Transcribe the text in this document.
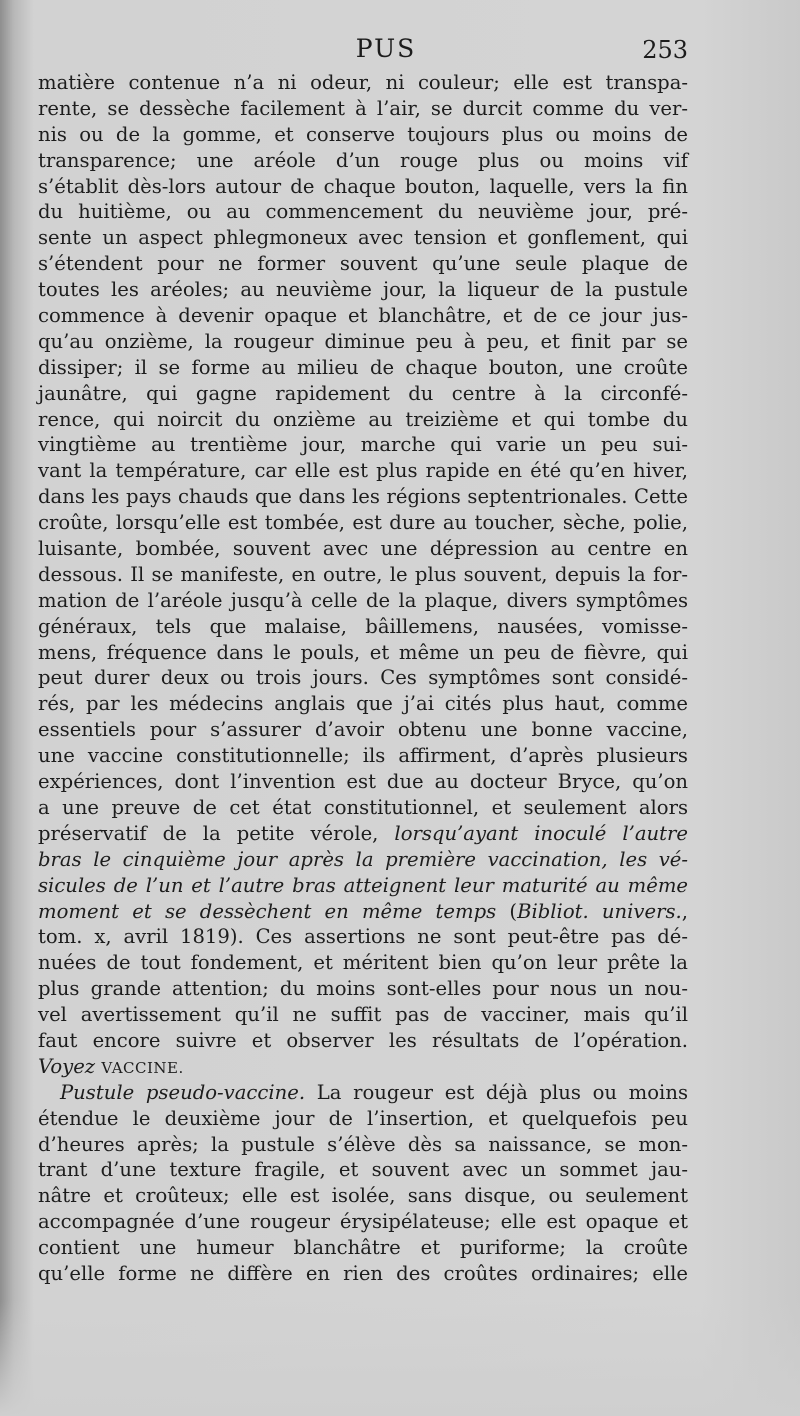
PUS	253
matière contenue n’a ni odeur, ni couleur; elle est transpa-
rente, se dessèche facilement à l’air, se durcit comme du ver-
nis ou de la gomme, et conserve toujours plus ou moins de
transparence; une aréole d’un rouge plus ou moins vif
s’établit dès-lors autour de chaque bouton, laquelle, vers la fin
du huitième, ou au commencement du neuvième jour, pré-
sente un aspect phlegmoneux avec tension et gonflement, qui
s’étendent pour ne former souvent qu’une seule plaque de
toutes les aréoles; au neuvième jour, la liqueur de la pustule
commence à devenir opaque et blanchâtre, et de ce jour jus-
qu’au onzième, la rougeur diminue peu à peu, et finit par se
dissiper; il se forme au milieu de chaque bouton, une croûte
jaunâtre, qui gagne rapidement du centre à la circonfé-
rence, qui noircit du onzième au treizième et qui tombe du
vingtième au trentième jour, marche qui varie un peu sui-
vant la température, car elle est plus rapide en été qu’en hiver,
dans les pays chauds que dans les régions septentrionales. Cette
croûte, lorsqu’elle est tombée, est dure au toucher, sèche, polie,
luisante, bombée, souvent avec une dépression au centre en
dessous. Il se manifeste, en outre, le plus souvent, depuis la for-
mation de l’aréole jusqu’à celle de la plaque, divers symptômes
généraux, tels que malaise, bâillemens, nausées, vomisse-
mens, fréquence dans le pouls, et même un peu de fièvre, qui
peut durer deux ou trois jours. Ces symptômes sont considé-
rés, par les médecins anglais que j’ai cités plus haut, comme
essentiels pour s’assurer d’avoir obtenu une bonne vaccine,
une vaccine constitutionnelle; ils affirment, d’après plusieurs
expériences, dont l’invention est due au docteur Bryce, qu’on
a une preuve de cet état constitutionnel, et seulement alors
préservatif de la petite vérole, lorsqu’ayant inoculé l’autre
bras le cinquième jour après la première vaccination, les vé-
sicules de l’un et l’autre bras atteignent leur maturité au même
moment et se dessèchent en même temps (Bibliot. univers.,
tom. x, avril 1819). Ces assertions ne sont peut-être pas dé-
nuées de tout fondement, et méritent bien qu’on leur prête la
plus grande attention; du moins sont-elles pour nous un nou-
vel avertissement qu’il ne suffit pas de vacciner, mais qu’il
faut encore suivre et observer les résultats de l’opération.
Voyez VACCINE.
Pustule pseudo-vaccine. La rougeur est déjà plus ou moins
étendue le deuxième jour de l’insertion, et quelquefois peu
d’heures après; la pustule s’élève dès sa naissance, se mon-
trant d’une texture fragile, et souvent avec un sommet jau-
nâtre et croûteux; elle est isolée, sans disque, ou seulement
accompagnée d’une rougeur érysipélateuse; elle est opaque et
contient une humeur blanchâtre et puriforme; la croûte
qu’elle forme ne diffère en rien des croûtes ordinaires; elle
